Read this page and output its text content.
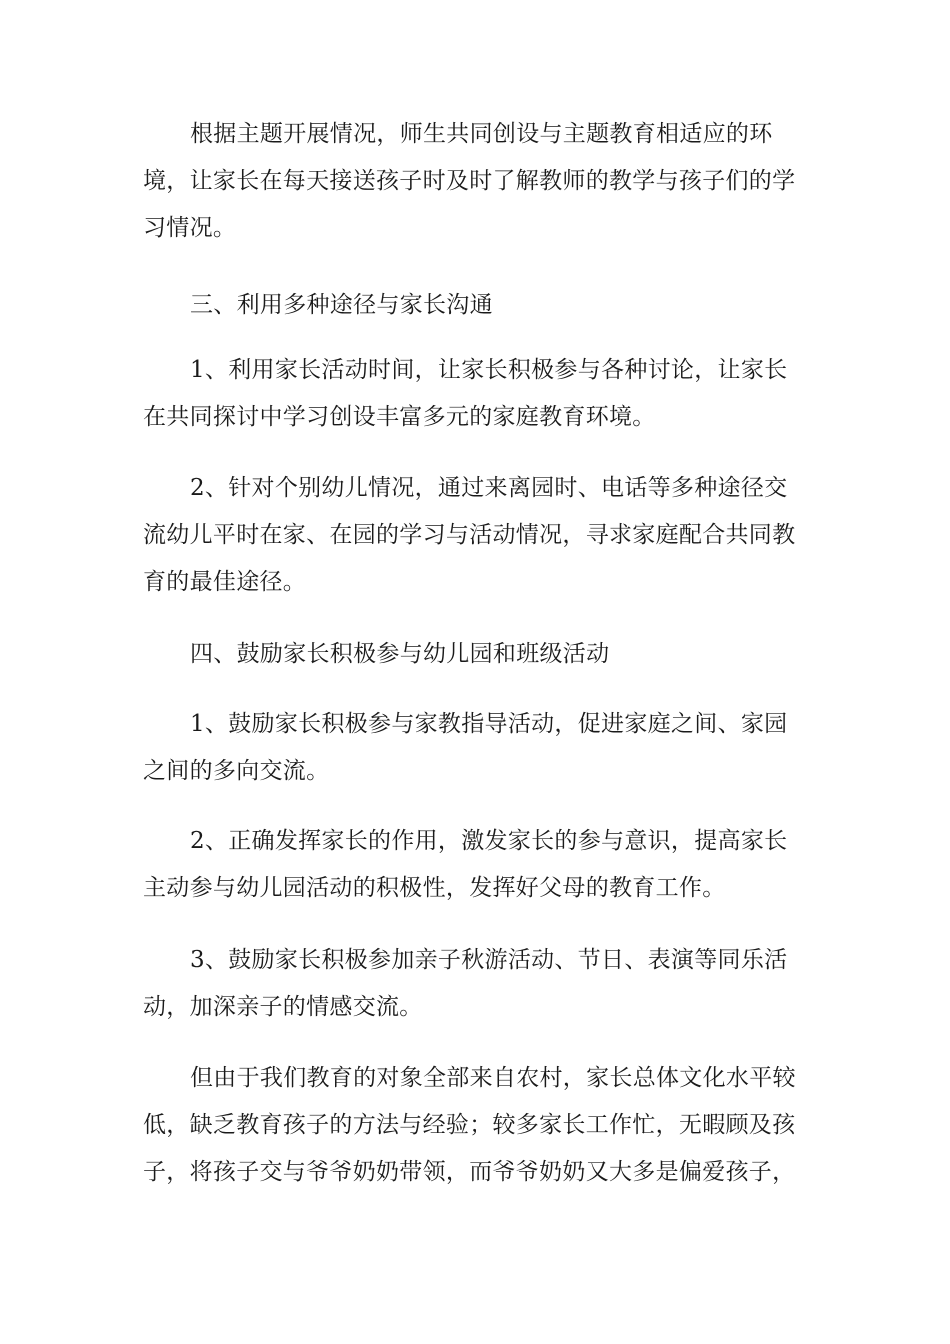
根据主题开展情况，师生共同创设与主题教育相适应的环
境，让家长在每天接送孩子时及时了解教师的教学与孩子们的学
习情况。

三、利用多种途径与家长沟通

1、利用家长活动时间，让家长积极参与各种讨论，让家长
在共同探讨中学习创设丰富多元的家庭教育环境。

2、针对个别幼儿情况，通过来离园时、电话等多种途径交
流幼儿平时在家、在园的学习与活动情况，寻求家庭配合共同教
育的最佳途径。

四、鼓励家长积极参与幼儿园和班级活动

1、鼓励家长积极参与家教指导活动，促进家庭之间、家园
之间的多向交流。

2、正确发挥家长的作用，激发家长的参与意识，提高家长
主动参与幼儿园活动的积极性，发挥好父母的教育工作。

3、鼓励家长积极参加亲子秋游活动、节日、表演等同乐活
动，加深亲子的情感交流。

但由于我们教育的对象全部来自农村，家长总体文化水平较
低，缺乏教育孩子的方法与经验；较多家长工作忙，无暇顾及孩
子，将孩子交与爷爷奶奶带领，而爷爷奶奶又大多是偏爱孩子，
